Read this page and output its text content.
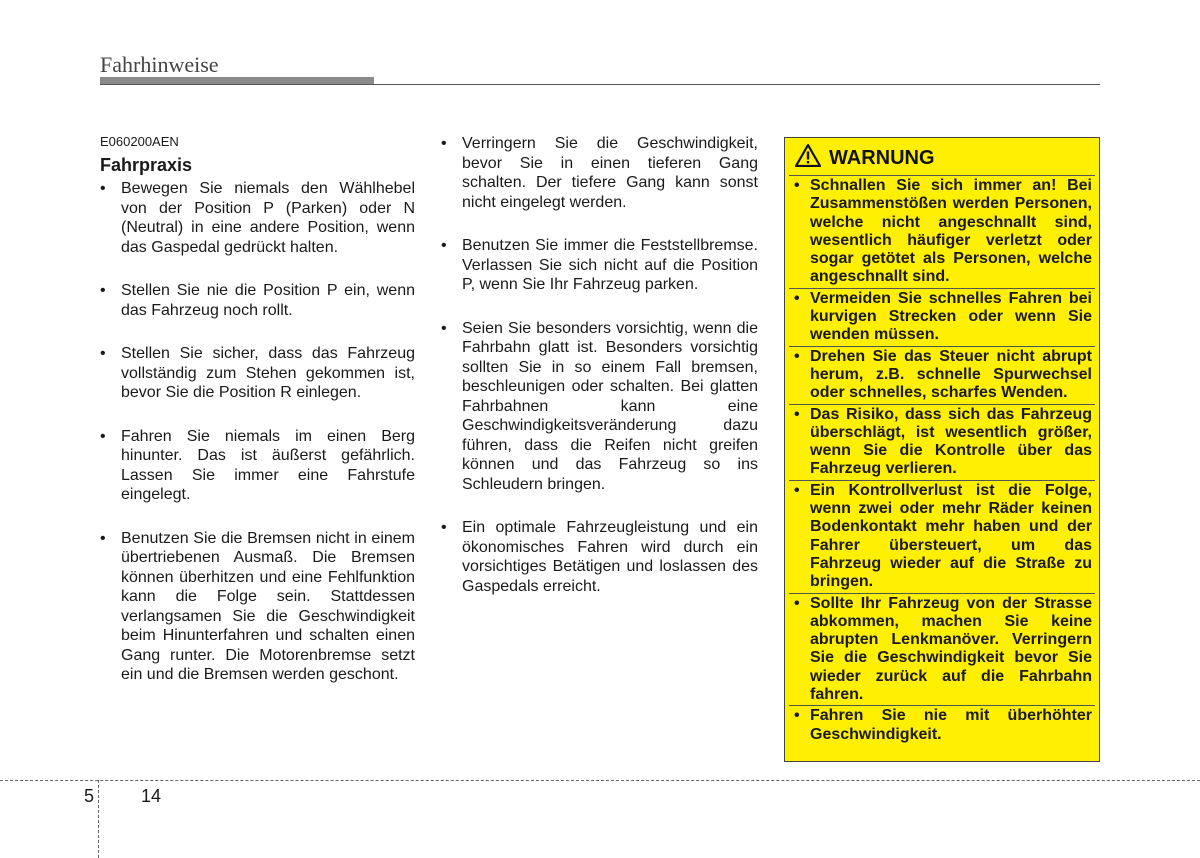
Fahrhinweise
E060200AEN
Fahrpraxis
• Bewegen Sie niemals den Wählhebel von der Position P (Parken) oder N (Neutral) in eine andere Position, wenn das Gaspedal gedrückt halten.
• Stellen Sie nie die Position P ein, wenn das Fahrzeug noch rollt.
• Stellen Sie sicher, dass das Fahrzeug vollständig zum Stehen gekommen ist, bevor Sie die Position R einlegen.
• Fahren Sie niemals im einen Berg hinunter. Das ist äußerst gefährlich. Lassen Sie immer eine Fahrstufe eingelegt.
• Benutzen Sie die Bremsen nicht in einem übertriebenen Ausmaß. Die Bremsen können überhitzen und eine Fehlfunktion kann die Folge sein. Stattdessen verlangsamen Sie die Geschwindigkeit beim Hinunterfahren und schalten einen Gang runter. Die Motorenbremse setzt ein und die Bremsen werden geschont.
• Verringern Sie die Geschwindigkeit, bevor Sie in einen tieferen Gang schalten. Der tiefere Gang kann sonst nicht eingelegt werden.
• Benutzen Sie immer die Feststellbremse. Verlassen Sie sich nicht auf die Position P, wenn Sie Ihr Fahrzeug parken.
• Seien Sie besonders vorsichtig, wenn die Fahrbahn glatt ist. Besonders vorsichtig sollten Sie in so einem Fall bremsen, beschleunigen oder schalten. Bei glatten Fahrbahnen kann eine Geschwindigkeitsveränderung dazu führen, dass die Reifen nicht greifen können und das Fahrzeug so ins Schleudern bringen.
• Ein optimale Fahrzeugleistung und ein ökonomisches Fahren wird durch ein vorsichtiges Betätigen und loslassen des Gaspedals erreicht.
WARNUNG
• Schnallen Sie sich immer an! Bei Zusammenstößen werden Personen, welche nicht angeschnallt sind, wesentlich häufiger verletzt oder sogar getötet als Personen, welche angeschnallt sind.
• Vermeiden Sie schnelles Fahren bei kurvigen Strecken oder wenn Sie wenden müssen.
• Drehen Sie das Steuer nicht abrupt herum, z.B. schnelle Spurwechsel oder schnelles, scharfes Wenden.
• Das Risiko, dass sich das Fahrzeug überschlägt, ist wesentlich größer, wenn Sie die Kontrolle über das Fahrzeug verlieren.
• Ein Kontrollverlust ist die Folge, wenn zwei oder mehr Räder keinen Bodenkontakt mehr haben und der Fahrer übersteuert, um das Fahrzeug wieder auf die Straße zu bringen.
• Sollte Ihr Fahrzeug von der Strasse abkommen, machen Sie keine abrupten Lenkmanöver. Verringern Sie die Geschwindigkeit bevor Sie wieder zurück auf die Fahrbahn fahren.
• Fahren Sie nie mit überhöhter Geschwindigkeit.
5	14
